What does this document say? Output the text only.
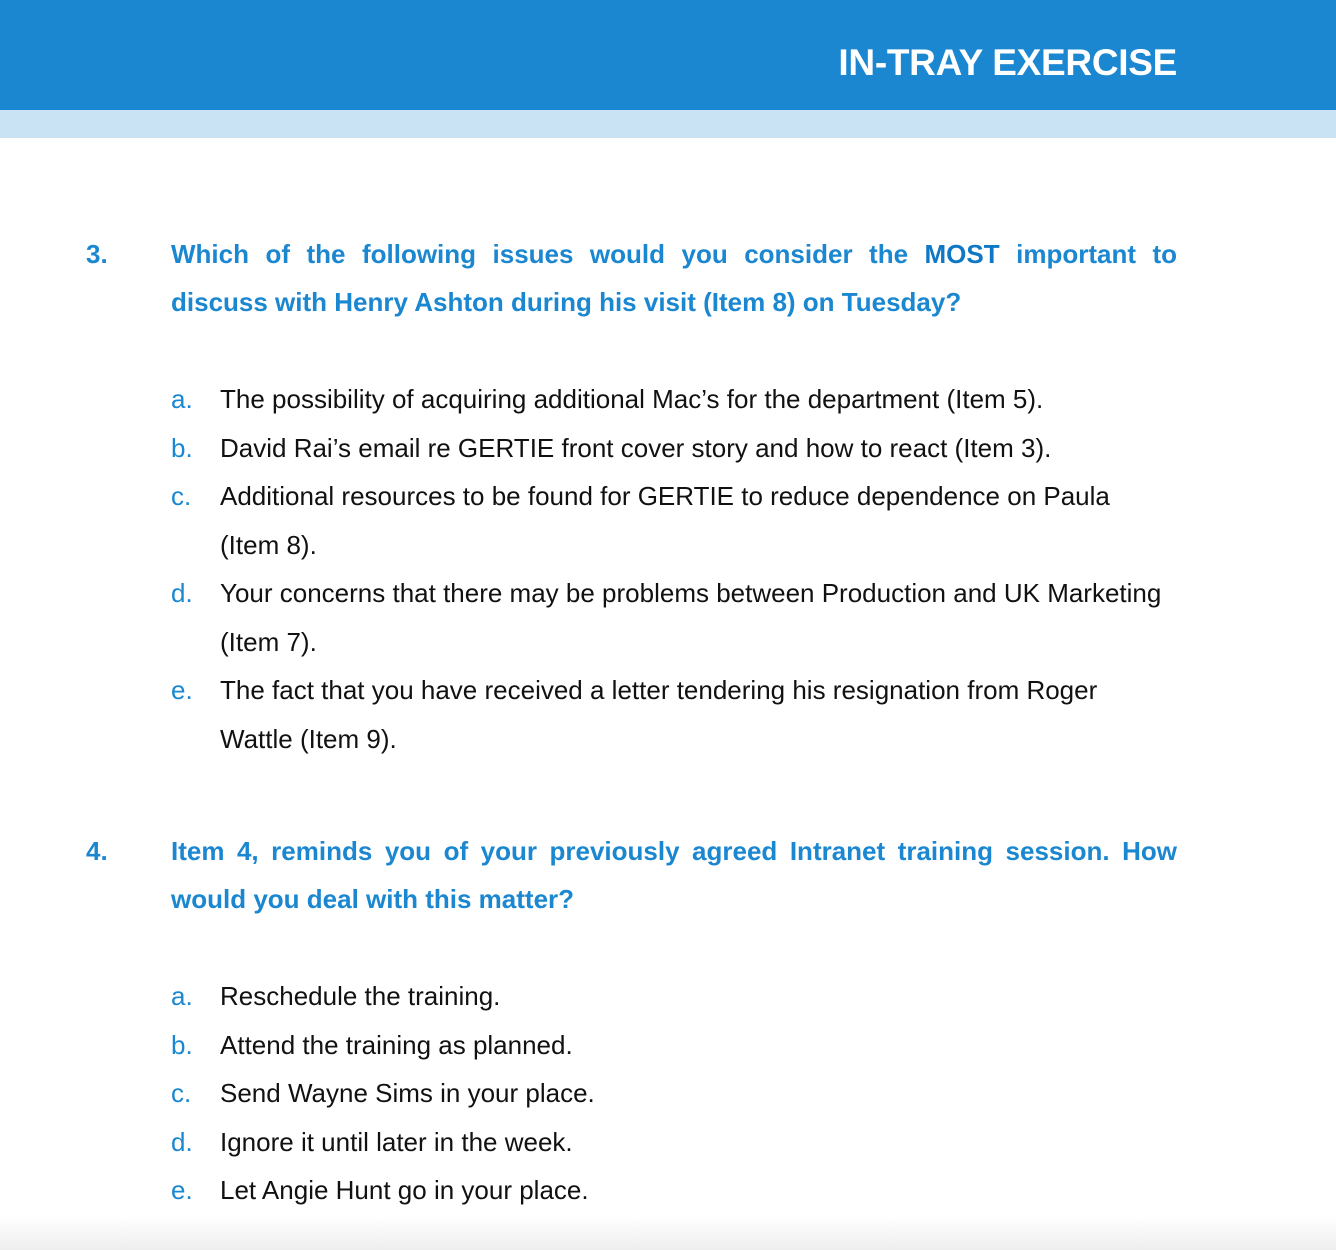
IN-TRAY EXERCISE
3. Which of the following issues would you consider the MOST important to discuss with Henry Ashton during his visit (Item 8) on Tuesday?
a. The possibility of acquiring additional Mac’s for the department (Item 5).
b. David Rai’s email re GERTIE front cover story and how to react (Item 3).
c. Additional resources to be found for GERTIE to reduce dependence on Paula (Item 8).
d. Your concerns that there may be problems between Production and UK Marketing  (Item 7).
e. The fact that you have received a letter tendering his resignation from Roger Wattle (Item 9).
4. Item 4, reminds you of your previously agreed Intranet training session. How would you deal with this matter?
a. Reschedule the training.
b. Attend the training as planned.
c. Send Wayne Sims in your place.
d. Ignore it until later in the week.
e. Let Angie Hunt go in your place.
